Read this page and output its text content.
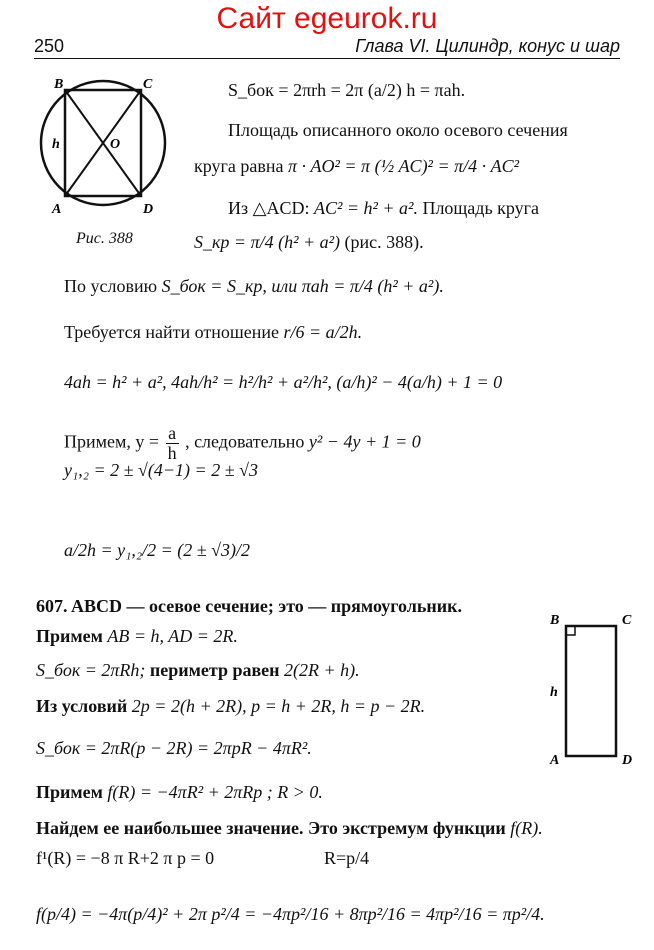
Сайт egeurok.ru
250	Глава VI. Цилиндр, конус и шар
B	C
A	D
O
h
Рис. 388
S_бок = 2πrh = 2π (a/2) h = πah.
Площадь описанного около осевого сечения
круга равна π · AO² = π (½ AC)² = π/4 · AC²
Из △ACD: AC² = h² + a². Площадь круга
S_кр = π/4 (h² + a²) (рис. 388).
По условию S_бок = S_кр, или πah = π/4 (h² + a²).
Требуется найти отношение r/6 = a/2h.
4ah = h² + a², 4ah/h² = h²/h² + a²/h², (a/h)² − 4(a/h) + 1 = 0
Примем, $y = \frac{a}{h}$ , следовательно y² − 4y + 1 = 0
y₁,₂ = 2 ± √(4−1) = 2 ± √3
a/2h = y₁,₂/2 = (2 ± √3)/2
B	C
A	D
h
607. ABCD — осевое сечение; это — прямоугольник.
Примем AB = h, AD = 2R.
S_бок = 2πRh; периметр равен 2(2R + h).
Из условий 2p = 2(h + 2R), p = h + 2R, h = p − 2R.
S_бок = 2πR(p − 2R) = 2πpR − 4πR².
Примем f(R) = −4πR² + 2πRp ; R > 0.
Найдем ее наибольшее значение. Это экстремум функции f(R).
f¹(R) = −8 π R+2 π p = 0	R=p/4
f(p/4) = −4π(p/4)² + 2π p²/4 = −4πp²/16 + 8πp²/16 = 4πp²/16 = πp²/4.
